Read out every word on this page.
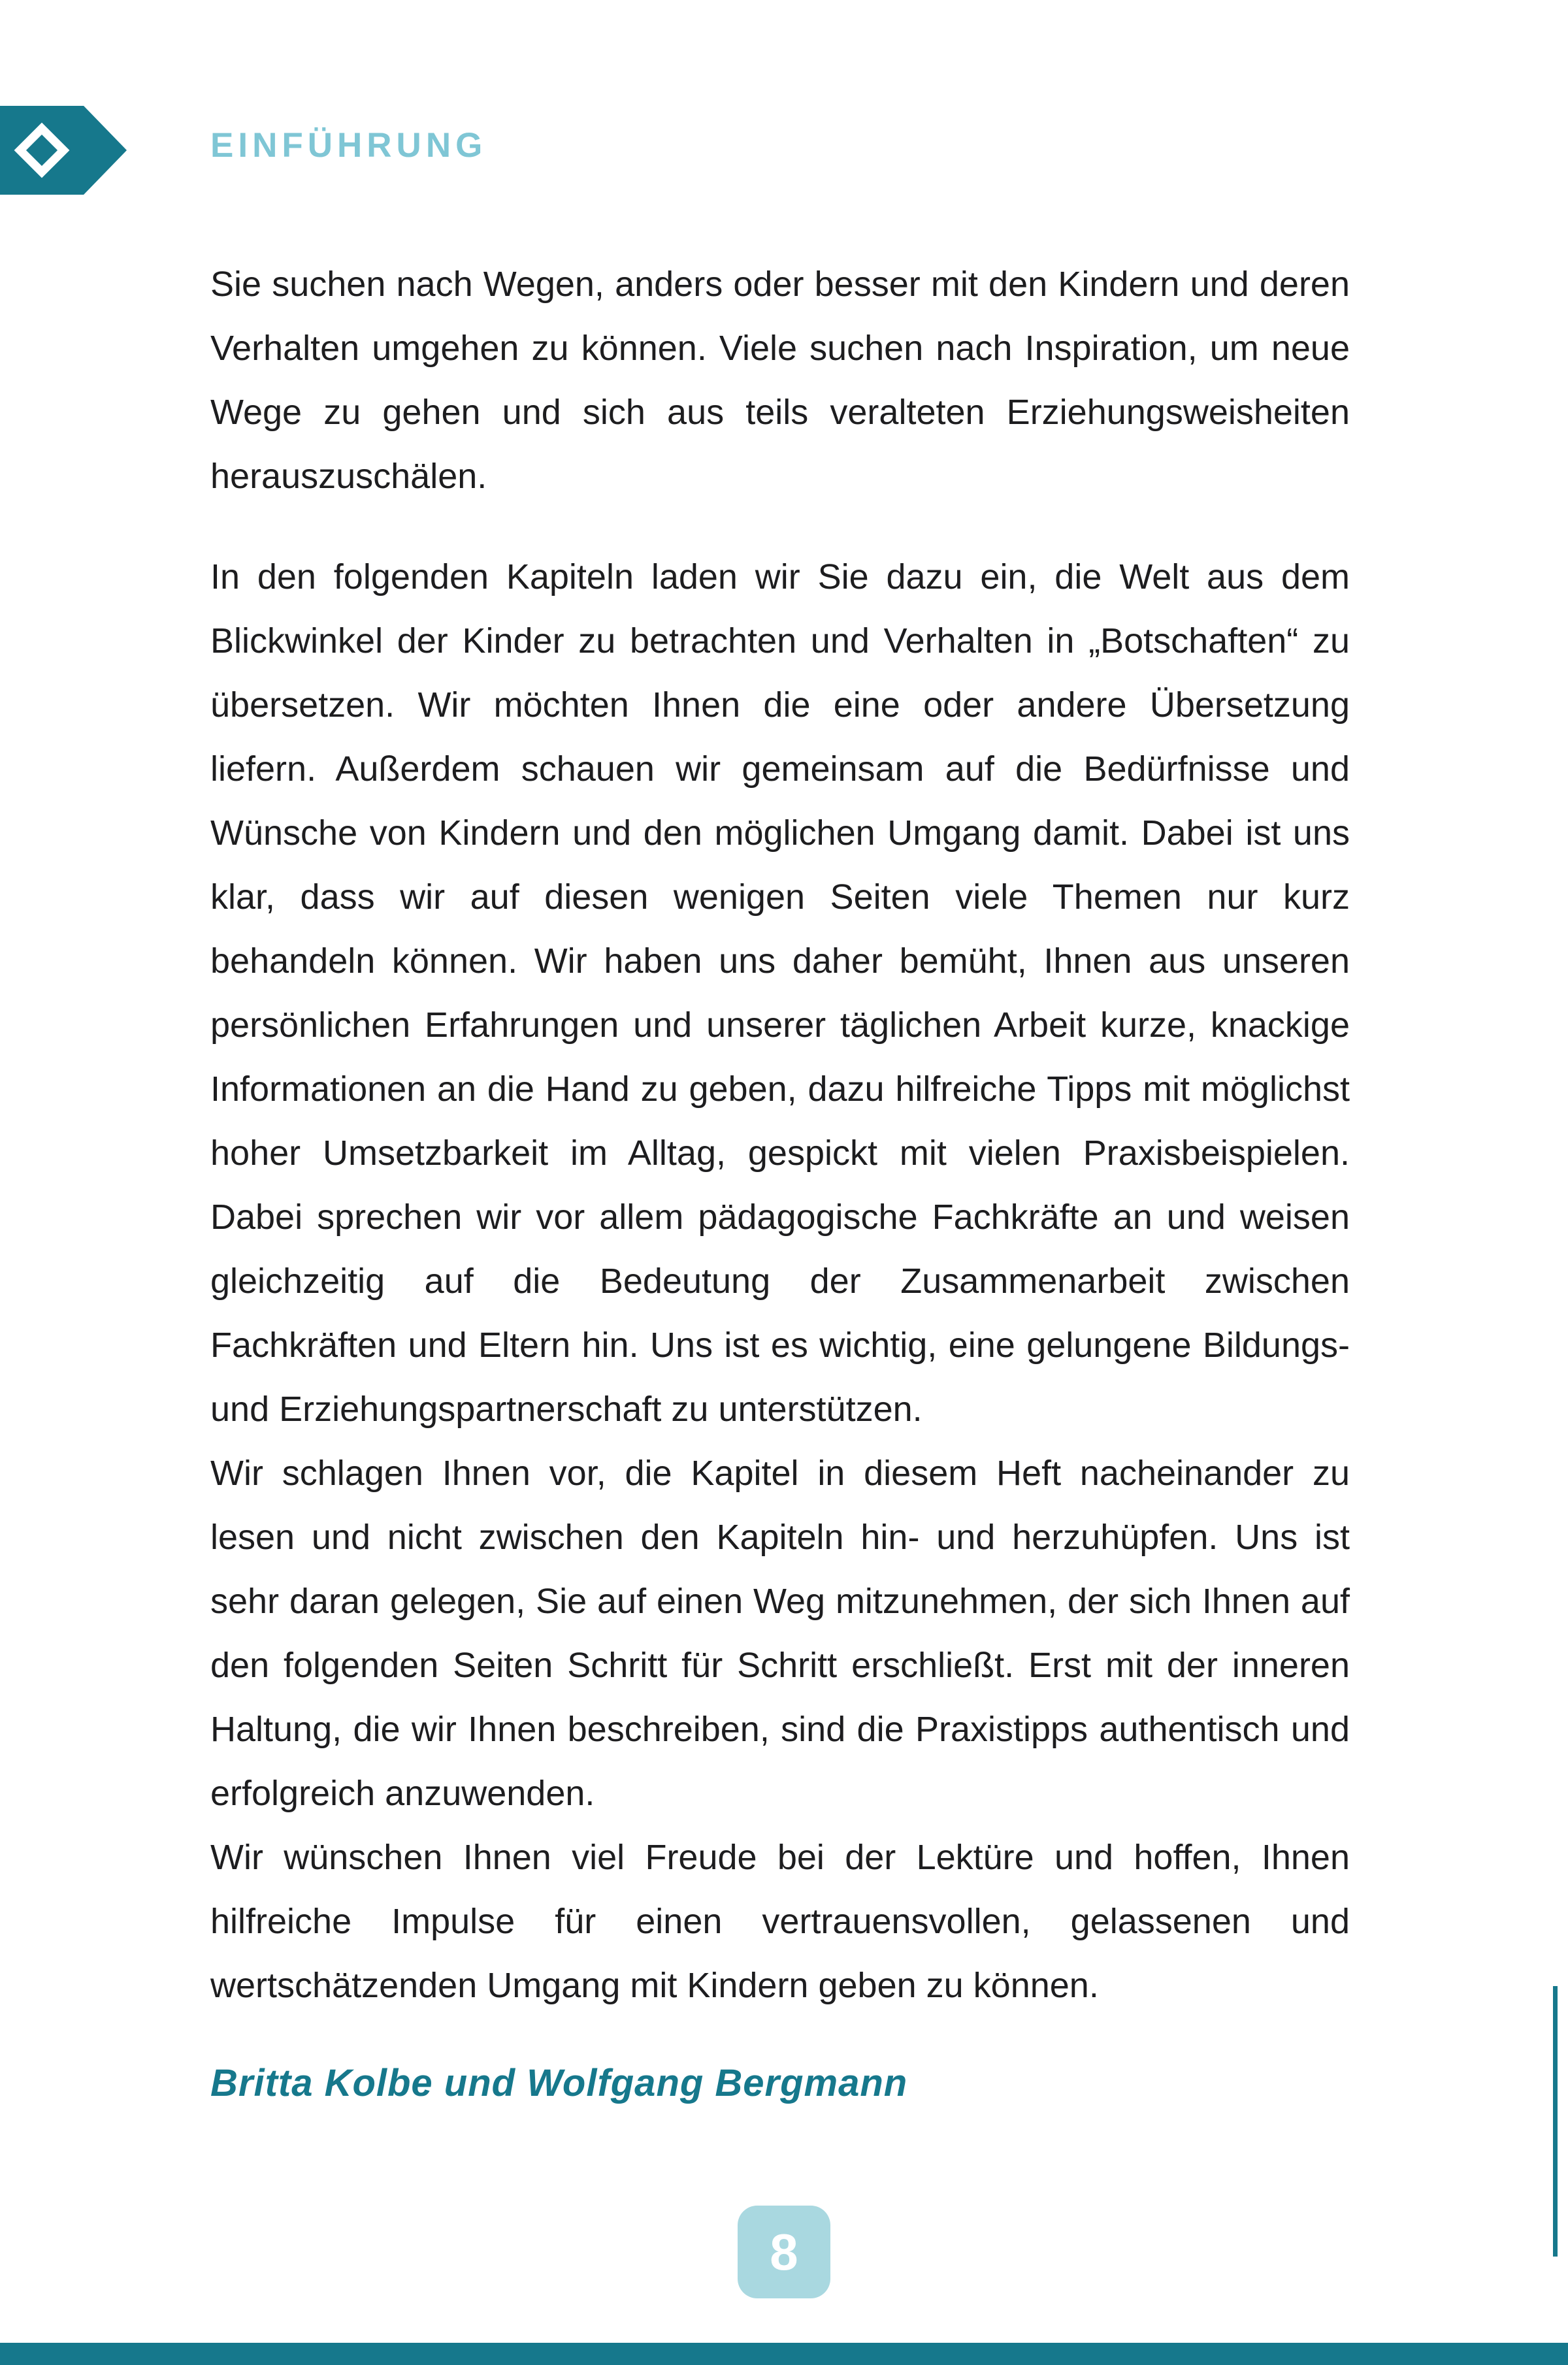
EINFÜHRUNG

Sie suchen nach Wegen, anders oder besser mit den Kindern und deren Verhalten umgehen zu können. Viele suchen nach Inspiration, um neue Wege zu gehen und sich aus teils veralteten Erziehungsweisheiten herauszuschälen.

In den folgenden Kapiteln laden wir Sie dazu ein, die Welt aus dem Blickwinkel der Kinder zu betrachten und Verhalten in „Botschaften“ zu übersetzen. Wir möchten Ihnen die eine oder andere Übersetzung liefern. Außerdem schauen wir gemeinsam auf die Bedürfnisse und Wünsche von Kindern und den möglichen Umgang damit. Dabei ist uns klar, dass wir auf diesen wenigen Seiten viele Themen nur kurz behandeln können. Wir haben uns daher bemüht, Ihnen aus unseren persönlichen Erfahrungen und unserer täglichen Arbeit kurze, knackige Informationen an die Hand zu geben, dazu hilfreiche Tipps mit möglichst hoher Umsetzbarkeit im Alltag, gespickt mit vielen Praxisbeispielen. Dabei sprechen wir vor allem pädagogische Fachkräfte an und weisen gleichzeitig auf die Bedeutung der Zusammenarbeit zwischen Fachkräften und Eltern hin. Uns ist es wichtig, eine gelungene Bildungs- und Erziehungspartnerschaft zu unterstützen.

Wir schlagen Ihnen vor, die Kapitel in diesem Heft nacheinander zu lesen und nicht zwischen den Kapiteln hin- und herzuhüpfen. Uns ist sehr daran gelegen, Sie auf einen Weg mitzunehmen, der sich Ihnen auf den folgenden Seiten Schritt für Schritt erschließt. Erst mit der inneren Haltung, die wir Ihnen beschreiben, sind die Praxistipps authentisch und erfolgreich anzuwenden.

Wir wünschen Ihnen viel Freude bei der Lektüre und hoffen, Ihnen hilfreiche Impulse für einen vertrauensvollen, gelassenen und wertschätzenden Umgang mit Kindern geben zu können.

Britta Kolbe und Wolfgang Bergmann
8
